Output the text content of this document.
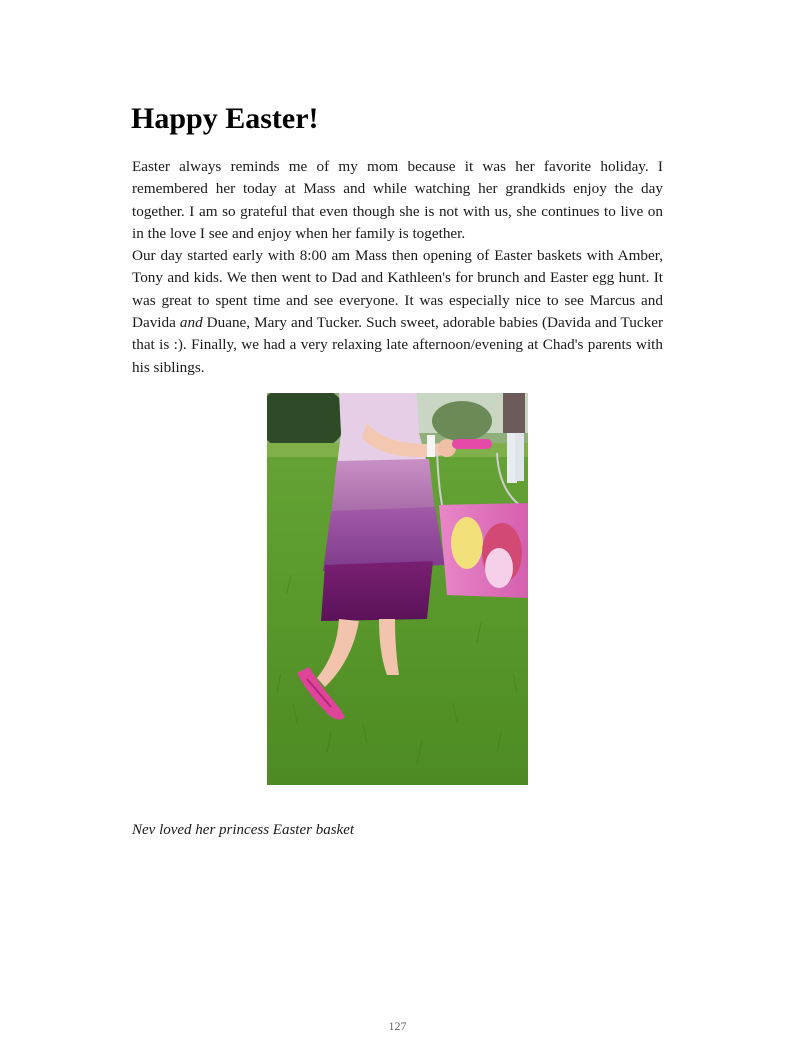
Happy Easter!

Easter always reminds me of my mom because it was her favorite holiday. I remembered her today at Mass and while watching her grandkids enjoy the day together. I am so grateful that even though she is not with us, she continues to live on in the love I see and enjoy when her family is together.

Our day started early with 8:00 am Mass then opening of Easter baskets with Amber, Tony and kids. We then went to Dad and Kathleen's for brunch and Easter egg hunt. It was great to spent time and see everyone. It was especially nice to see Marcus and Davida and Duane, Mary and Tucker. Such sweet, adorable babies (Davida and Tucker that is :). Finally, we had a very relaxing late afternoon/evening at Chad's parents with his siblings.

Nev loved her princess Easter basket
127
